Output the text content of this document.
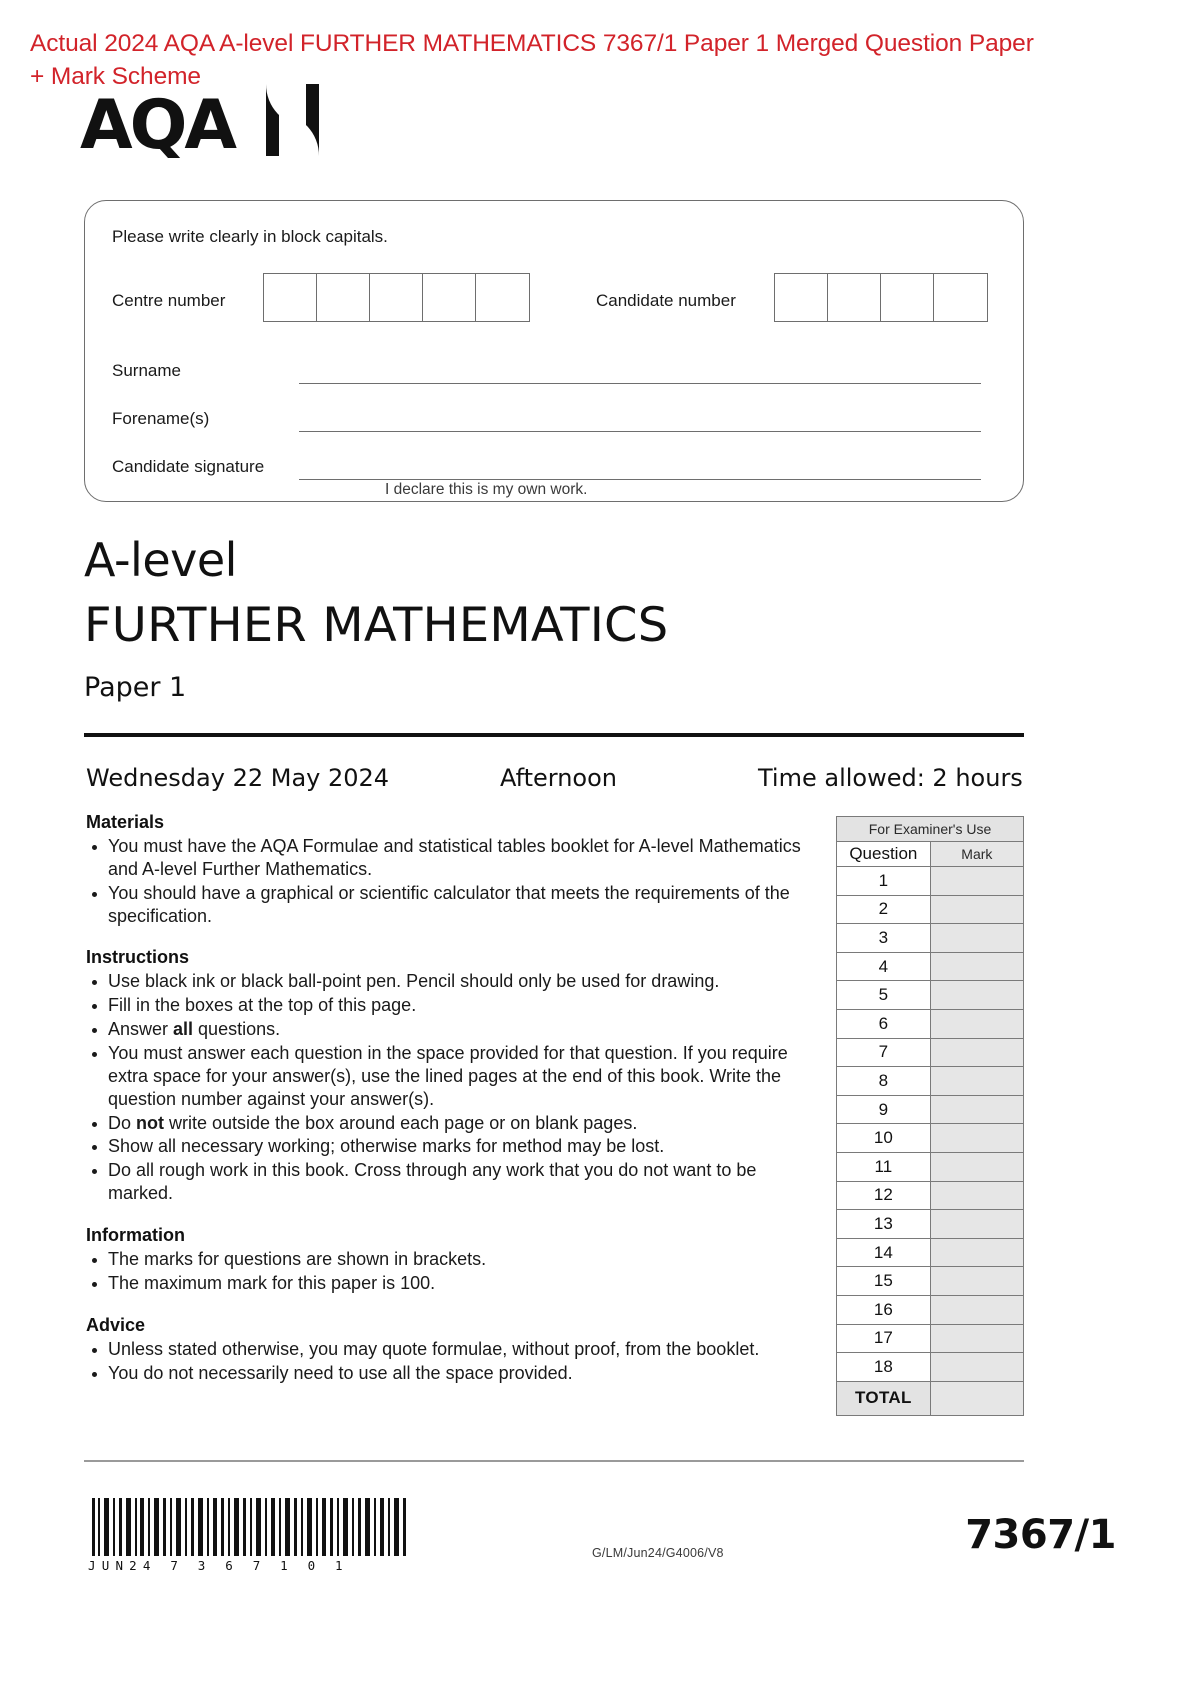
Actual 2024 AQA A-level FURTHER MATHEMATICS 7367/1 Paper 1 Merged Question Paper + Mark Scheme
AQA
Please write clearly in block capitals.
Centre number	Candidate number
Surname
Forename(s)
Candidate signature
I declare this is my own work.
A-level
FURTHER MATHEMATICS
Paper 1
Wednesday 22 May 2024	Afternoon	Time allowed: 2 hours
Materials
You must have the AQA Formulae and statistical tables booklet for A-level Mathematics and A-level Further Mathematics.
You should have a graphical or scientific calculator that meets the requirements of the specification.
Instructions
Use black ink or black ball-point pen. Pencil should only be used for drawing.
Fill in the boxes at the top of this page.
Answer all questions.
You must answer each question in the space provided for that question. If you require extra space for your answer(s), use the lined pages at the end of this book. Write the question number against your answer(s).
Do not write outside the box around each page or on blank pages.
Show all necessary working; otherwise marks for method may be lost.
Do all rough work in this book. Cross through any work that you do not want to be marked.
Information
The marks for questions are shown in brackets.
The maximum mark for this paper is 100.
Advice
Unless stated otherwise, you may quote formulae, without proof, from the booklet.
You do not necessarily need to use all the space provided.
For Examiner's Use	
Question	Mark
1	
2	
3	
4	
5	
6	
7	
8	
9	
10	
11	
12	
13	
14	
15	
16	
17	
18	
TOTAL	
JUN24 7 3 6 7 1 0 1
G/LM/Jun24/G4006/V8	7367/1
